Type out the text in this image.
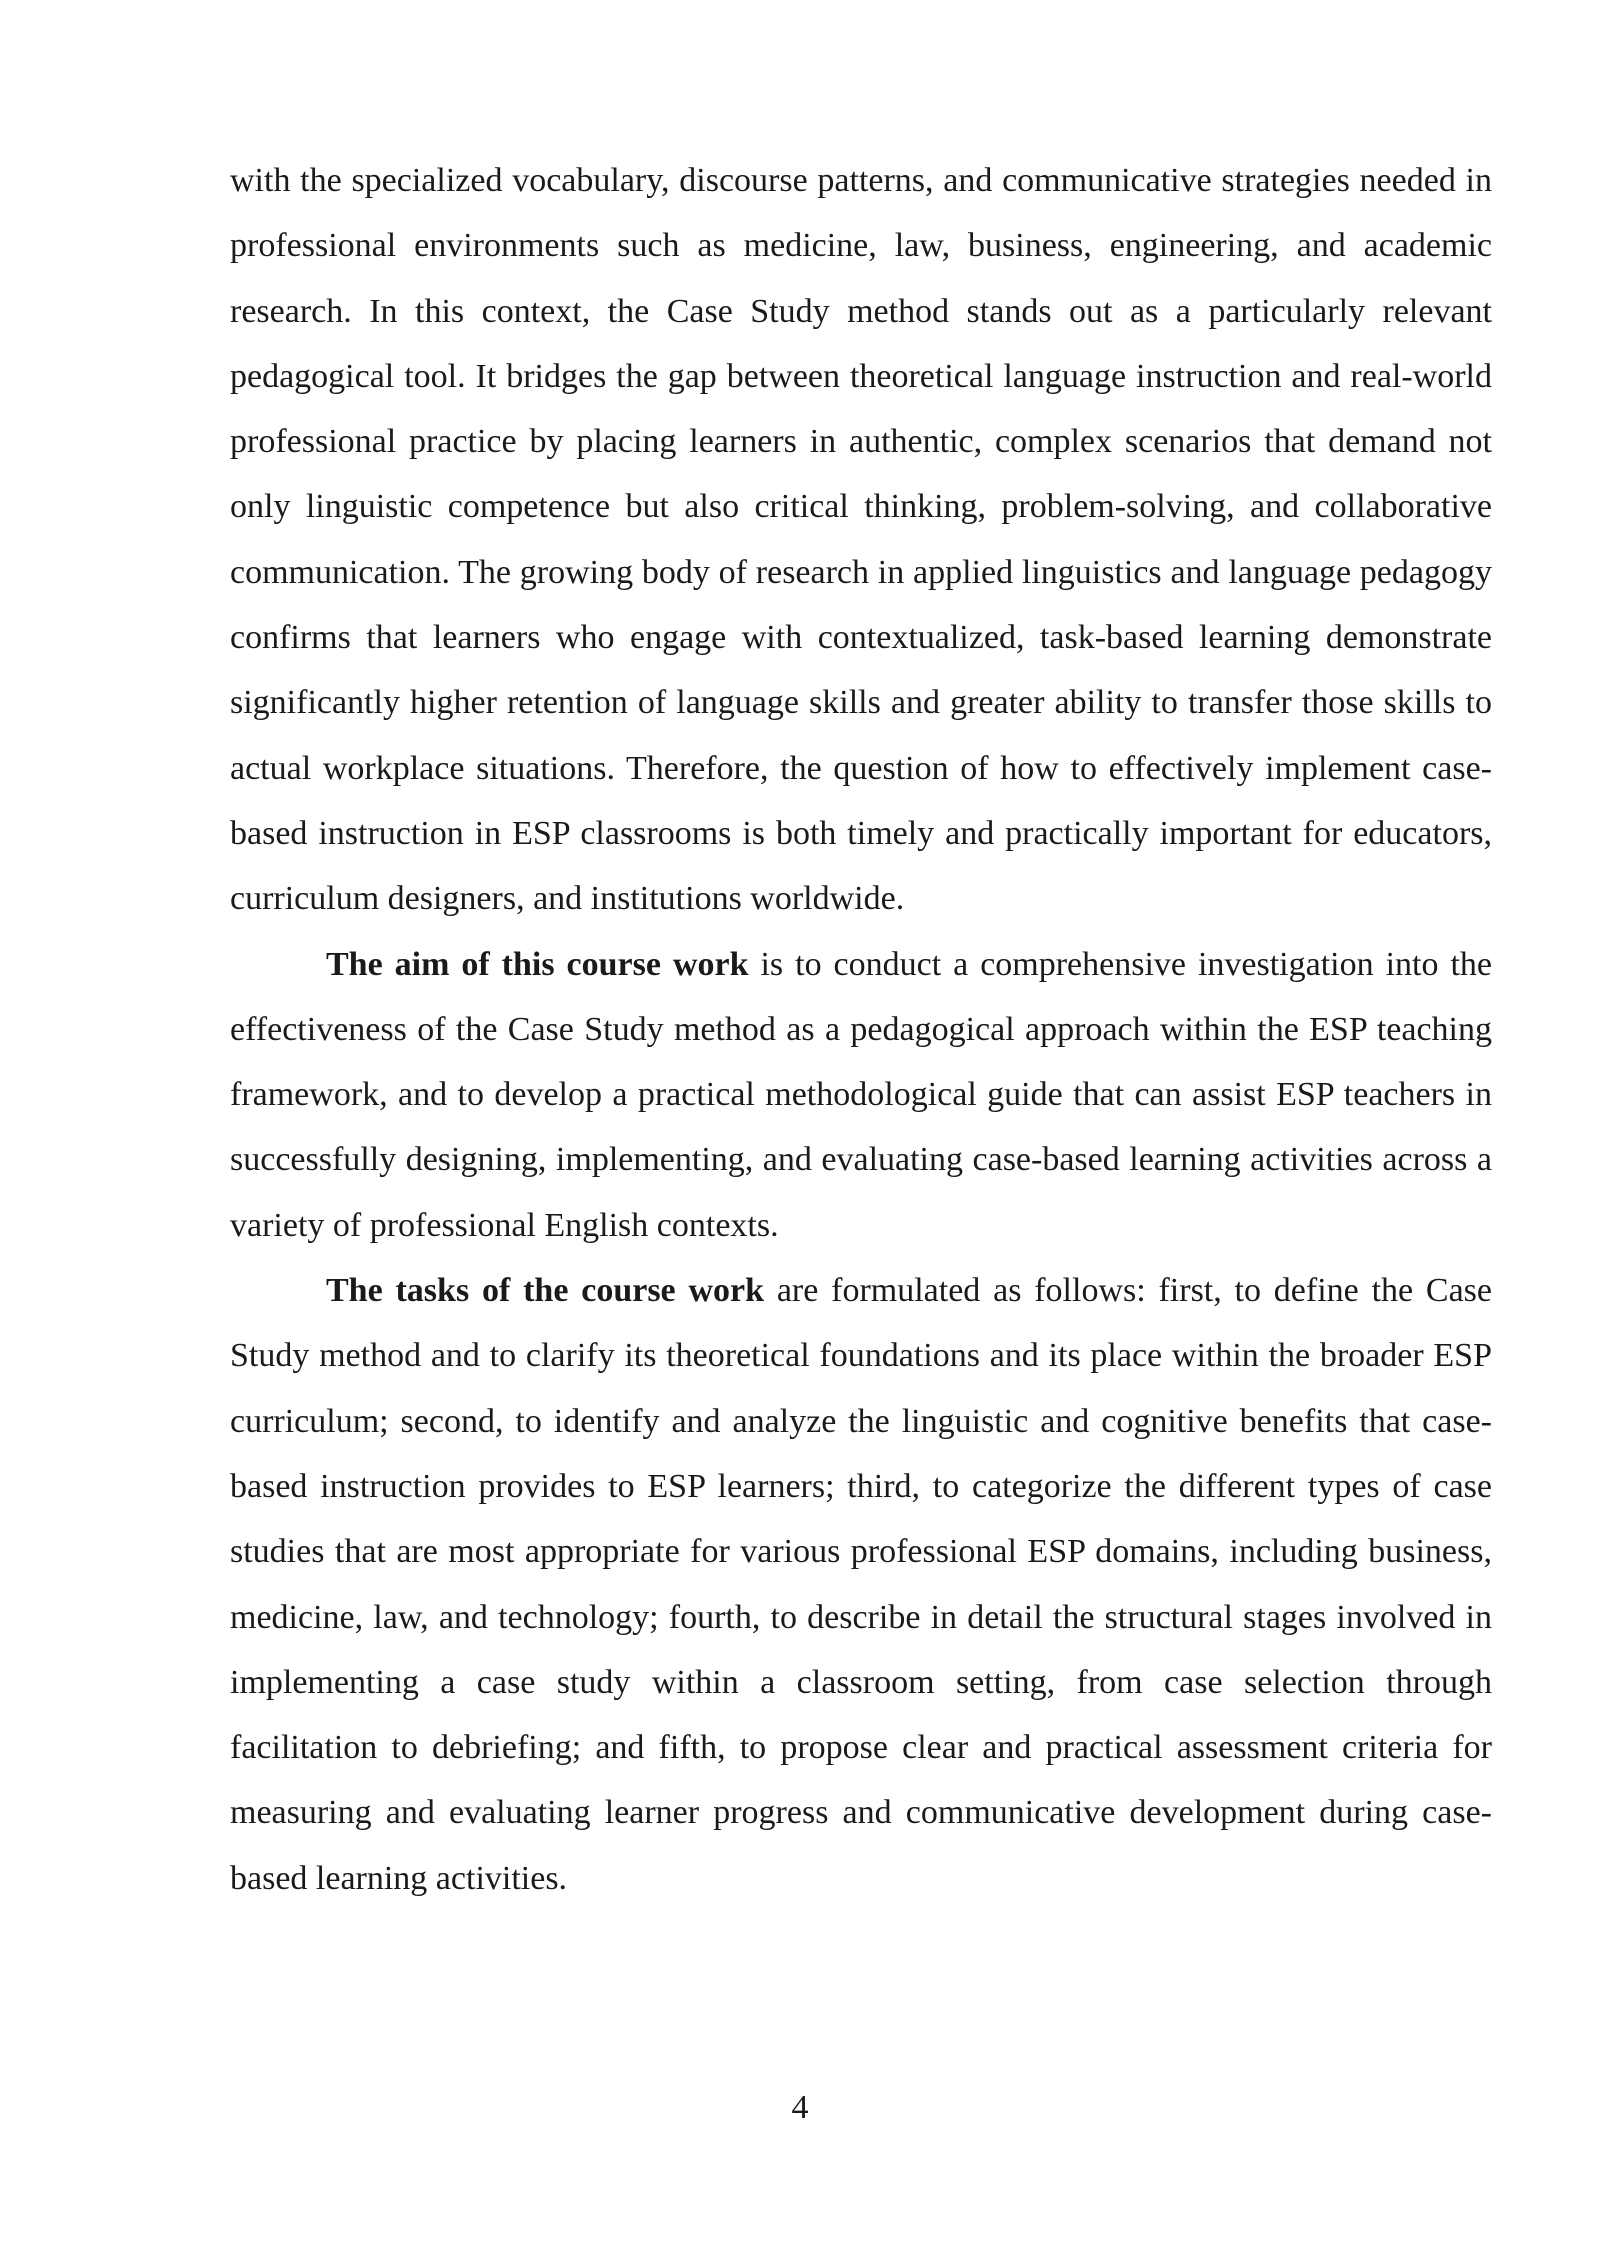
with the specialized vocabulary, discourse patterns, and communicative strategies needed in professional environments such as medicine, law, business, engineering, and academic research. In this context, the Case Study method stands out as a particularly relevant pedagogical tool. It bridges the gap between theoretical language instruction and real-world professional practice by placing learners in authentic, complex scenarios that demand not only linguistic competence but also critical thinking, problem-solving, and collaborative communication. The growing body of research in applied linguistics and language pedagogy confirms that learners who engage with contextualized, task-based learning demonstrate significantly higher retention of language skills and greater ability to transfer those skills to actual workplace situations. Therefore, the question of how to effectively implement case-based instruction in ESP classrooms is both timely and practically important for educators, curriculum designers, and institutions worldwide.

The aim of this course work is to conduct a comprehensive investigation into the effectiveness of the Case Study method as a pedagogical approach within the ESP teaching framework, and to develop a practical methodological guide that can assist ESP teachers in successfully designing, implementing, and evaluating case-based learning activities across a variety of professional English contexts.

The tasks of the course work are formulated as follows: first, to define the Case Study method and to clarify its theoretical foundations and its place within the broader ESP curriculum; second, to identify and analyze the linguistic and cognitive benefits that case-based instruction provides to ESP learners; third, to categorize the different types of case studies that are most appropriate for various professional ESP domains, including business, medicine, law, and technology; fourth, to describe in detail the structural stages involved in implementing a case study within a classroom setting, from case selection through facilitation to debriefing; and fifth, to propose clear and practical assessment criteria for measuring and evaluating learner progress and communicative development during case-based learning activities.

4
